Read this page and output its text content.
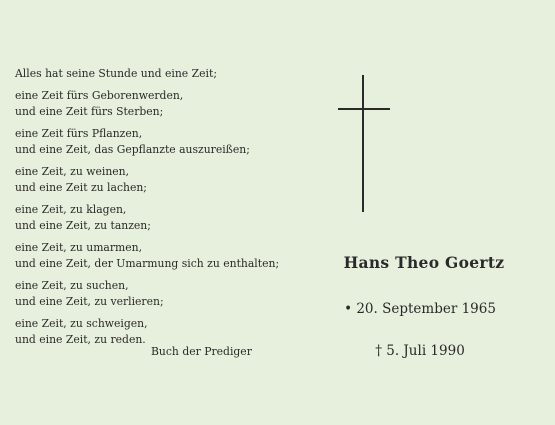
Alles hat seine Stunde und eine Zeit;
eine Zeit fürs Geborenwerden,
und eine Zeit fürs Sterben;
eine Zeit fürs Pflanzen,
und eine Zeit, das Gepflanzte auszureißen;
eine Zeit, zu weinen,
und eine Zeit zu lachen;
eine Zeit, zu klagen,
und eine Zeit, zu tanzen;
eine Zeit, zu umarmen,
und eine Zeit, der Umarmung sich zu enthalten;
eine Zeit, zu suchen,
und eine Zeit, zu verlieren;
eine Zeit, zu schweigen,
und eine Zeit, zu reden.
Buch der Prediger
Hans Theo Goertz
• 20. September 1965
† 5. Juli 1990
